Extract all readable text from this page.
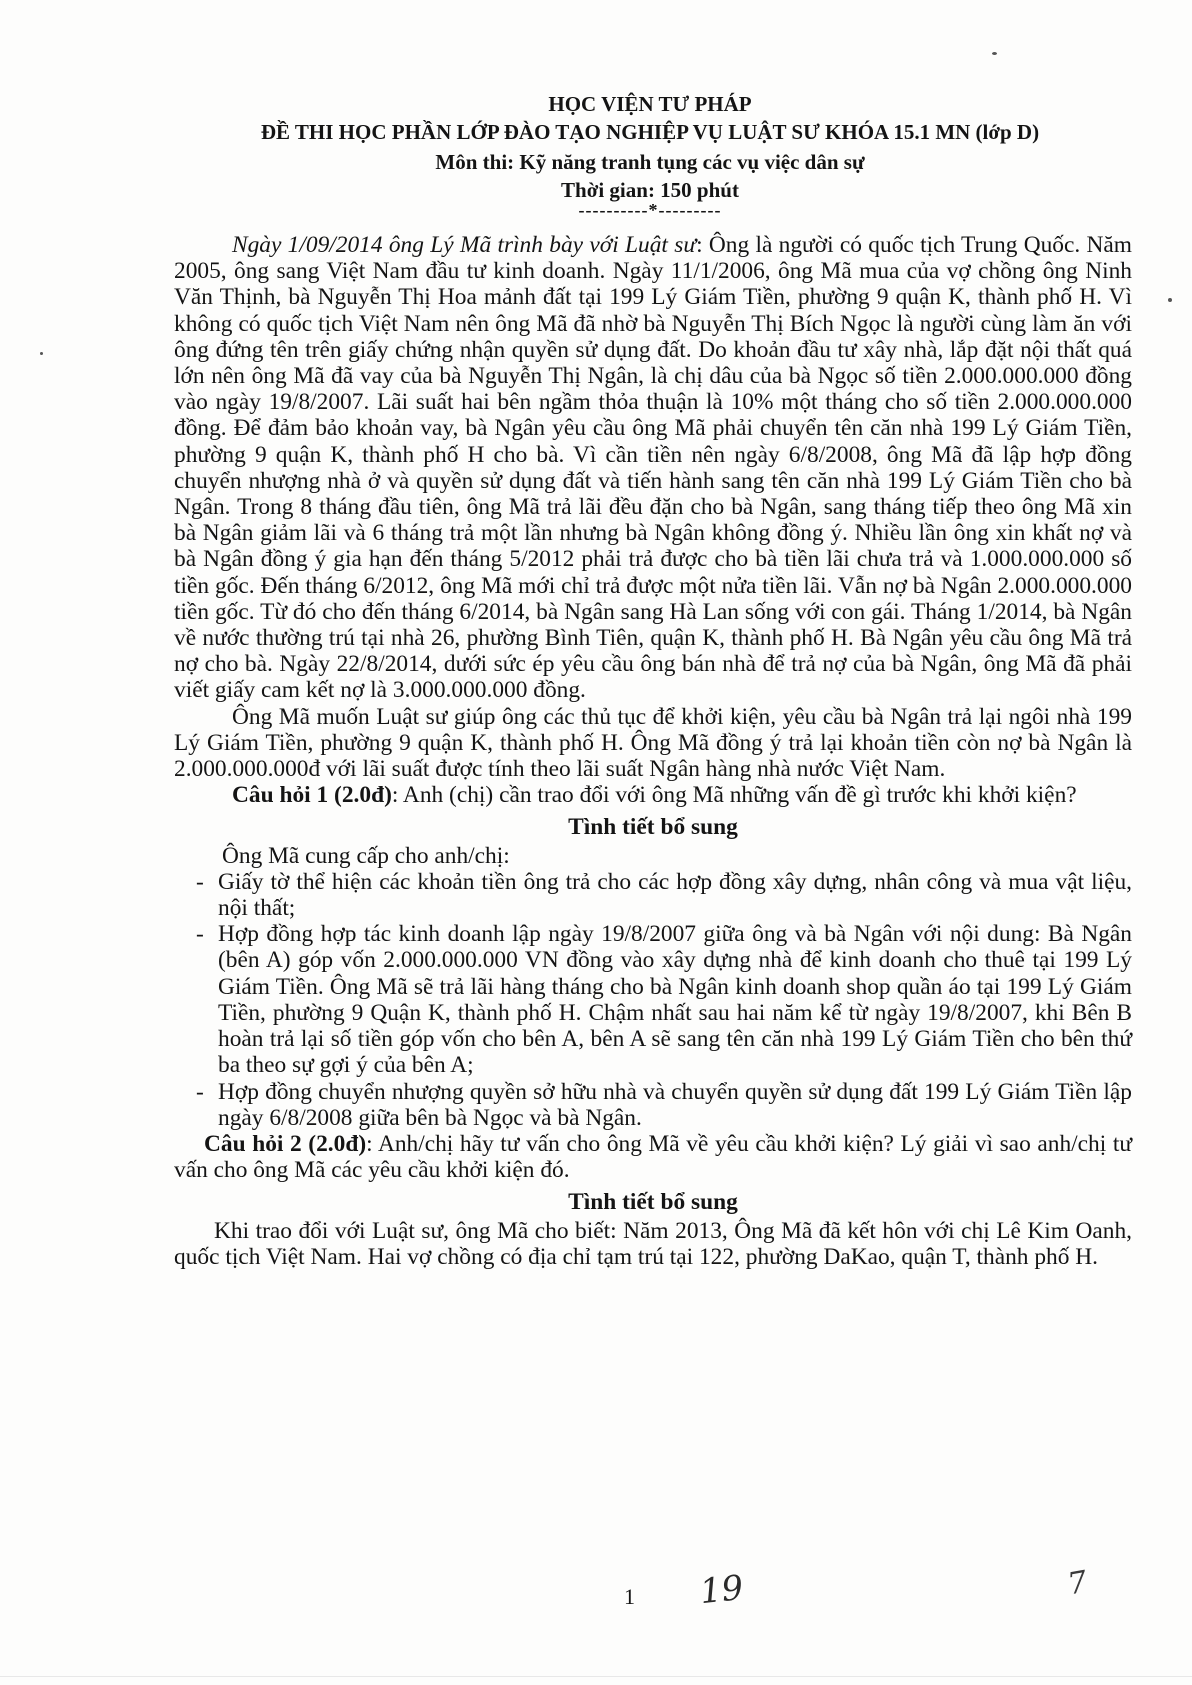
HỌC VIỆN TƯ PHÁP
ĐỀ THI HỌC PHẦN LỚP ĐÀO TẠO NGHIỆP VỤ LUẬT SƯ KHÓA 15.1 MN (lớp D)
Môn thi: Kỹ năng tranh tụng các vụ việc dân sự
Thời gian: 150 phút
----------*---------

Ngày 1/09/2014 ông Lý Mã trình bày với Luật sư: Ông là người có quốc tịch Trung Quốc. Năm 2005, ông sang Việt Nam đầu tư kinh doanh. Ngày 11/1/2006, ông Mã mua của vợ chồng ông Ninh Văn Thịnh, bà Nguyễn Thị Hoa mảnh đất tại 199 Lý Giám Tiền, phường 9 quận K, thành phố H. Vì không có quốc tịch Việt Nam nên ông Mã đã nhờ bà Nguyễn Thị Bích Ngọc là người cùng làm ăn với ông đứng tên trên giấy chứng nhận quyền sử dụng đất. Do khoản đầu tư xây nhà, lắp đặt nội thất quá lớn nên ông Mã đã vay của bà Nguyễn Thị Ngân, là chị dâu của bà Ngọc số tiền 2.000.000.000 đồng vào ngày 19/8/2007. Lãi suất hai bên ngầm thỏa thuận là 10% một tháng cho số tiền 2.000.000.000 đồng. Để đảm bảo khoản vay, bà Ngân yêu cầu ông Mã phải chuyển tên căn nhà 199 Lý Giám Tiền, phường 9 quận K, thành phố H cho bà. Vì cần tiền nên ngày 6/8/2008, ông Mã đã lập hợp đồng chuyển nhượng nhà ở và quyền sử dụng đất và tiến hành sang tên căn nhà 199 Lý Giám Tiền cho bà Ngân. Trong 8 tháng đầu tiên, ông Mã trả lãi đều đặn cho bà Ngân, sang tháng tiếp theo ông Mã xin bà Ngân giảm lãi và 6 tháng trả một lần nhưng bà Ngân không đồng ý. Nhiều lần ông xin khất nợ và bà Ngân đồng ý gia hạn đến tháng 5/2012 phải trả được cho bà tiền lãi chưa trả và 1.000.000.000 số tiền gốc. Đến tháng 6/2012, ông Mã mới chỉ trả được một nửa tiền lãi. Vẫn nợ bà Ngân 2.000.000.000 tiền gốc. Từ đó cho đến tháng 6/2014, bà Ngân sang Hà Lan sống với con gái. Tháng 1/2014, bà Ngân về nước thường trú tại nhà 26, phường Bình Tiên, quận K, thành phố H. Bà Ngân yêu cầu ông Mã trả nợ cho bà. Ngày 22/8/2014, dưới sức ép yêu cầu ông bán nhà để trả nợ của bà Ngân, ông Mã đã phải viết giấy cam kết nợ là 3.000.000.000 đồng.

Ông Mã muốn Luật sư giúp ông các thủ tục để khởi kiện, yêu cầu bà Ngân trả lại ngôi nhà 199 Lý Giám Tiền, phường 9 quận K, thành phố H. Ông Mã đồng ý trả lại khoản tiền còn nợ bà Ngân là 2.000.000.000đ với lãi suất được tính theo lãi suất Ngân hàng nhà nước Việt Nam.

Câu hỏi 1 (2.0đ): Anh (chị) cần trao đổi với ông Mã những vấn đề gì trước khi khởi kiện?

Tình tiết bổ sung

Ông Mã cung cấp cho anh/chị:

- Giấy tờ thể hiện các khoản tiền ông trả cho các hợp đồng xây dựng, nhân công và mua vật liệu, nội thất;
- Hợp đồng hợp tác kinh doanh lập ngày 19/8/2007 giữa ông và bà Ngân với nội dung: Bà Ngân (bên A) góp vốn 2.000.000.000 VN đồng vào xây dựng nhà để kinh doanh cho thuê tại 199 Lý Giám Tiền. Ông Mã sẽ trả lãi hàng tháng cho bà Ngân kinh doanh shop quần áo tại 199 Lý Giám Tiền, phường 9 Quận K, thành phố H. Chậm nhất sau hai năm kể từ ngày 19/8/2007, khi Bên B hoàn trả lại số tiền góp vốn cho bên A, bên A sẽ sang tên căn nhà 199 Lý Giám Tiền cho bên thứ ba theo sự gợi ý của bên A;
- Hợp đồng chuyển nhượng quyền sở hữu nhà và chuyển quyền sử dụng đất 199 Lý Giám Tiền lập ngày 6/8/2008 giữa bên bà Ngọc và bà Ngân.

Câu hỏi 2 (2.0đ): Anh/chị hãy tư vấn cho ông Mã về yêu cầu khởi kiện? Lý giải vì sao anh/chị tư vấn cho ông Mã các yêu cầu khởi kiện đó.

Tình tiết bổ sung

Khi trao đổi với Luật sư, ông Mã cho biết: Năm 2013, Ông Mã đã kết hôn với chị Lê Kim Oanh, quốc tịch Việt Nam. Hai vợ chồng có địa chỉ tạm trú tại 122, phường DaKao, quận T, thành phố H.

1 19	7
